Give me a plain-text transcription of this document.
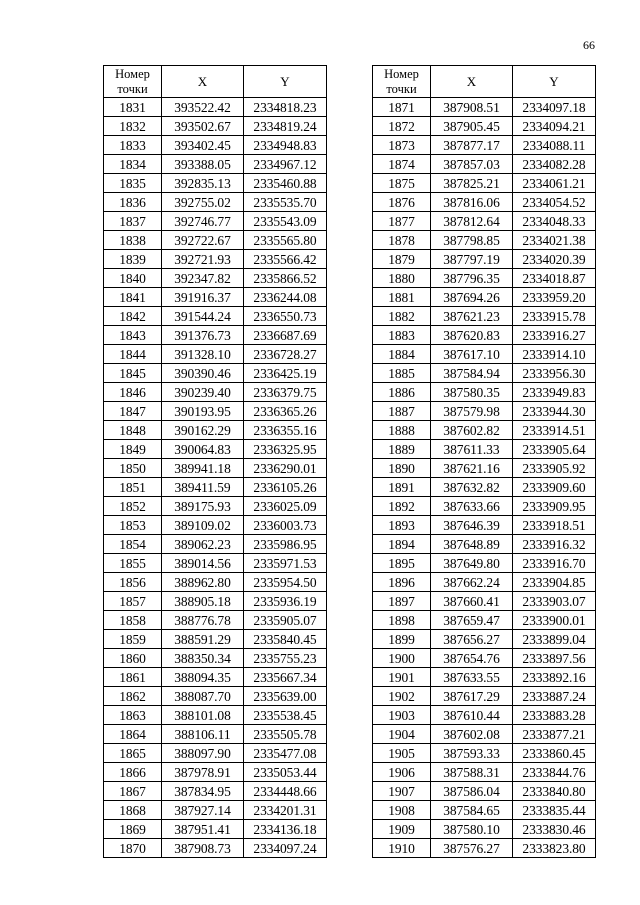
66
Номер
точки	X	Y
1831	393522.42	2334818.23
1832	393502.67	2334819.24
1833	393402.45	2334948.83
1834	393388.05	2334967.12
1835	392835.13	2335460.88
1836	392755.02	2335535.70
1837	392746.77	2335543.09
1838	392722.67	2335565.80
1839	392721.93	2335566.42
1840	392347.82	2335866.52
1841	391916.37	2336244.08
1842	391544.24	2336550.73
1843	391376.73	2336687.69
1844	391328.10	2336728.27
1845	390390.46	2336425.19
1846	390239.40	2336379.75
1847	390193.95	2336365.26
1848	390162.29	2336355.16
1849	390064.83	2336325.95
1850	389941.18	2336290.01
1851	389411.59	2336105.26
1852	389175.93	2336025.09
1853	389109.02	2336003.73
1854	389062.23	2335986.95
1855	389014.56	2335971.53
1856	388962.80	2335954.50
1857	388905.18	2335936.19
1858	388776.78	2335905.07
1859	388591.29	2335840.45
1860	388350.34	2335755.23
1861	388094.35	2335667.34
1862	388087.70	2335639.00
1863	388101.08	2335538.45
1864	388106.11	2335505.78
1865	388097.90	2335477.08
1866	387978.91	2335053.44
1867	387834.95	2334448.66
1868	387927.14	2334201.31
1869	387951.41	2334136.18
1870	387908.73	2334097.24
Номер
точки	X	Y
1871	387908.51	2334097.18
1872	387905.45	2334094.21
1873	387877.17	2334088.11
1874	387857.03	2334082.28
1875	387825.21	2334061.21
1876	387816.06	2334054.52
1877	387812.64	2334048.33
1878	387798.85	2334021.38
1879	387797.19	2334020.39
1880	387796.35	2334018.87
1881	387694.26	2333959.20
1882	387621.23	2333915.78
1883	387620.83	2333916.27
1884	387617.10	2333914.10
1885	387584.94	2333956.30
1886	387580.35	2333949.83
1887	387579.98	2333944.30
1888	387602.82	2333914.51
1889	387611.33	2333905.64
1890	387621.16	2333905.92
1891	387632.82	2333909.60
1892	387633.66	2333909.95
1893	387646.39	2333918.51
1894	387648.89	2333916.32
1895	387649.80	2333916.70
1896	387662.24	2333904.85
1897	387660.41	2333903.07
1898	387659.47	2333900.01
1899	387656.27	2333899.04
1900	387654.76	2333897.56
1901	387633.55	2333892.16
1902	387617.29	2333887.24
1903	387610.44	2333883.28
1904	387602.08	2333877.21
1905	387593.33	2333860.45
1906	387588.31	2333844.76
1907	387586.04	2333840.80
1908	387584.65	2333835.44
1909	387580.10	2333830.46
1910	387576.27	2333823.80
